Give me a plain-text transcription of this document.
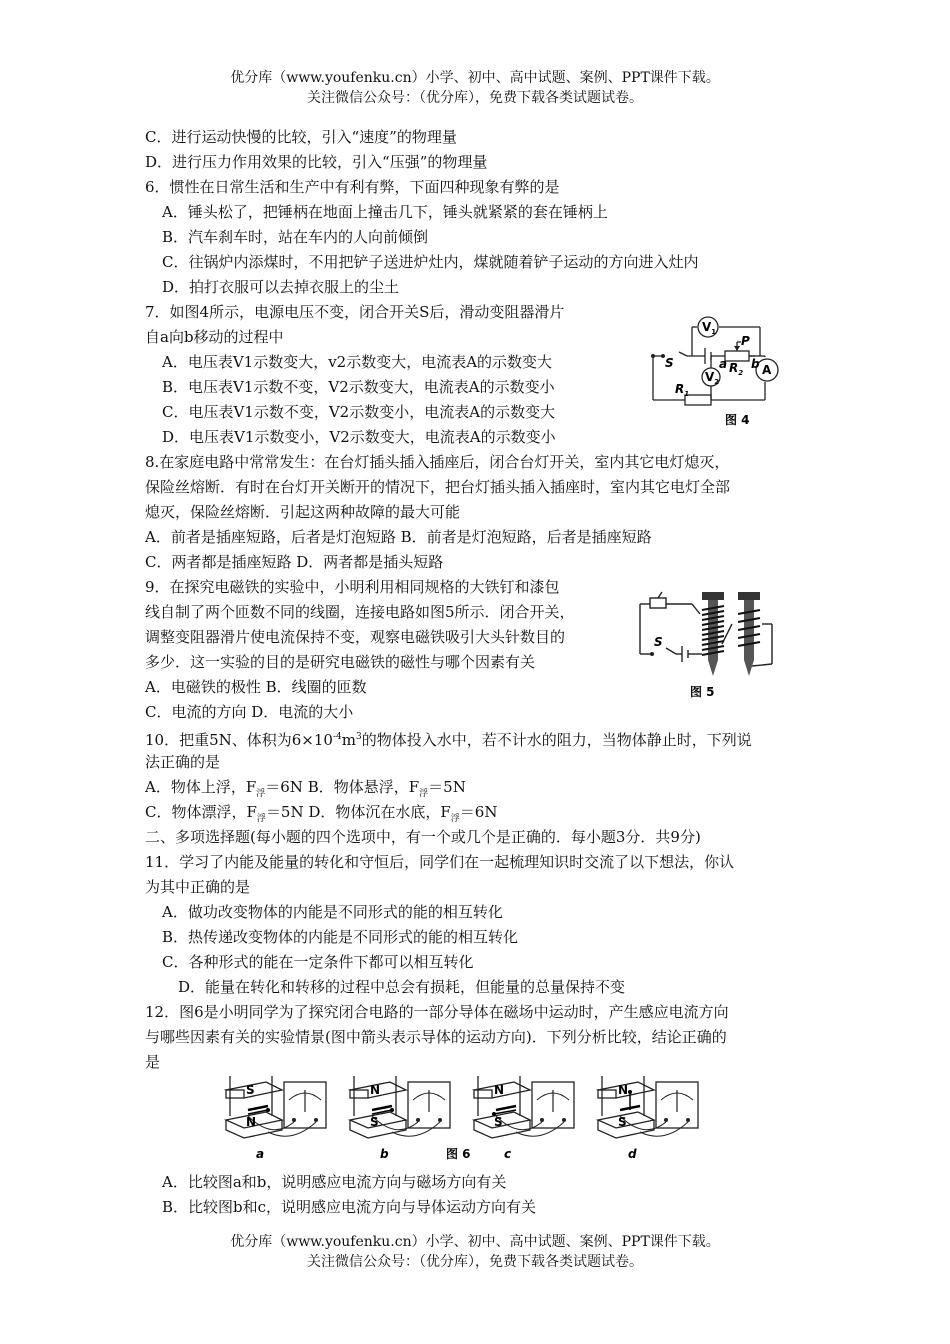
优分库（www.youfenku.cn）小学、初中、高中试题、案例、PPT课件下载。
关注微信公众号：（优分库），免费下载各类试题试卷。
C．进行运动快慢的比较，引入“速度”的物理量
D．进行压力作用效果的比较，引入“压强”的物理量
6．惯性在日常生活和生产中有利有弊，下面四种现象有弊的是
A．锤头松了，把锤柄在地面上撞击几下，锤头就紧紧的套在锤柄上
B．汽车刹车时，站在车内的人向前倾倒
C．往锅炉内添煤时，不用把铲子送进炉灶内，煤就随着铲子运动的方向进入灶内
D．拍打衣服可以去掉衣服上的尘土
7．如图4所示，电源电压不变，闭合开关S后，滑动变阻器滑片
自a向b移动的过程中
A．电压表V1示数变大，v2示数变大，电流表A的示数变大
B．电压表V1示数不变，V2示数变大，电流表A的示数变小
C．电压表V1示数不变，V2示数变小，电流表A的示数变大
D．电压表V1示数变小，V2示数变大，电流表A的示数变小
$V_1$
$V_2$
A
S
P
$R_2$
$R_1$
a b
图 4
8.在家庭电路中常常发生：在台灯插头插入插座后，闭合台灯开关，室内其它电灯熄灭，
保险丝熔断．有时在台灯开关断开的情况下，把台灯插头插入插座时，室内其它电灯全部
熄灭，保险丝熔断．引起这两种故障的最大可能
A．前者是插座短路，后者是灯泡短路 B．前者是灯泡短路，后者是插座短路
C．两者都是插座短路 D．两者都是插头短路
9．在探究电磁铁的实验中，小明利用相同规格的大铁钉和漆包
线自制了两个匝数不同的线圈，连接电路如图5所示．闭合开关，
调整变阻器滑片使电流保持不变，观察电磁铁吸引大头针数目的
多少．这一实验的目的是研究电磁铁的磁性与哪个因素有关
A．电磁铁的极性 B．线圈的匝数
C．电流的方向 D．电流的大小
S
图 5
10．把重5N、体积为$6\times 10^{-4}m^3$的物体投入水中，若不计水的阻力，当物体静止时，下列说
法正确的是
A．物体上浮，$F_浮=6N$ B．物体悬浮，$F_浮=5N$
C．物体漂浮，$F_浮=5N$ D．物体沉在水底，$F_浮=6N$
二、多项选择题(每小题的四个选项中，有一个或几个是正确的．每小题3分．共9分)
11．学习了内能及能量的转化和守恒后，同学们在一起梳理知识时交流了以下想法，你认
为其中正确的是
A．做功改变物体的内能是不同形式的能的相互转化
B．热传递改变物体的内能是不同形式的能的相互转化
C．各种形式的能在一定条件下都可以相互转化
D．能量在转化和转移的过程中总会有损耗，但能量的总量保持不变
12．图6是小明同学为了探究闭合电路的一部分导体在磁场中运动时，产生感应电流方向
与哪些因素有关的实验情景(图中箭头表示导体的运动方向)．下列分析比较，结论正确的
是
图 6
S
N
a
N
S
b
N
S
c
N
S
d
A．比较图a和b，说明感应电流方向与磁场方向有关
B．比较图b和c，说明感应电流方向与导体运动方向有关
优分库（www.youfenku.cn）小学、初中、高中试题、案例、PPT课件下载。
关注微信公众号：（优分库），免费下载各类试题试卷。
